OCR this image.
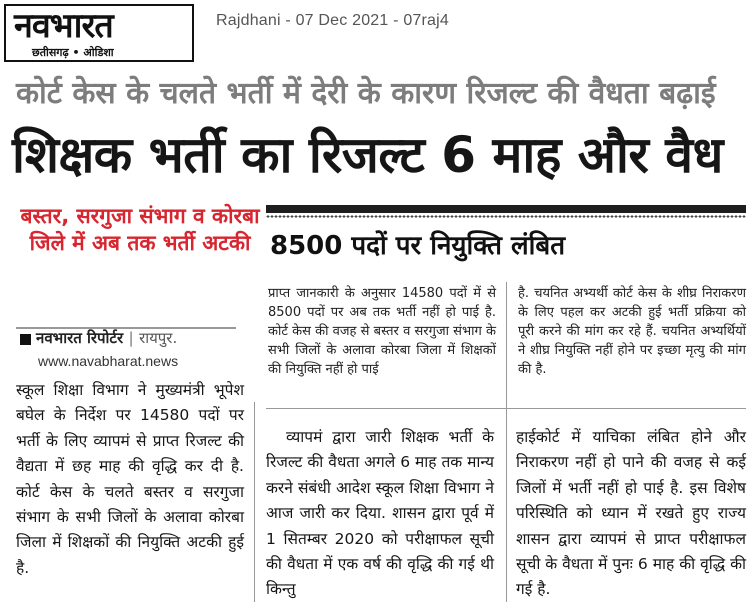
नवभारत
छतीसगढ़ • ओडिशा
Rajdhani - 07 Dec 2021 - 07raj4
कोर्ट केस के चलते भर्ती में देरी के कारण रिजल्ट की वैधता बढ़ाई
शिक्षक भर्ती का रिजल्ट 6 माह और वैध
बस्तर, सरगुजा संभाग व कोरबा जिले में अब तक भर्ती अटकी 8500 पदों पर नियुक्ति लंबित
नवभारत रिपोर्टर | रायपुर.
www.navabharat.news
स्कूल शिक्षा विभाग ने मुख्यमंत्री भूपेश बघेल के निर्देश पर 14580 पदों पर भर्ती के लिए व्यापमं से प्राप्त रिजल्ट की वैद्यता में छह माह की वृद्धि कर दी है. कोर्ट केस के चलते बस्तर व सरगुजा संभाग के सभी जिलों के अलावा कोरबा जिला में शिक्षकों की नियुक्ति अटकी हुई है.
प्राप्त जानकारी के अनुसार 14580 पदों में से 8500 पदों पर अब तक भर्ती नहीं हो पाई है. कोर्ट केस की वजह से बस्तर व सरगुजा संभाग के सभी जिलों के अलावा कोरबा जिला में शिक्षकों की नियुक्ति नहीं हो पाई
है. चयनित अभ्यर्थी कोर्ट केस के शीघ्र निराकरण के लिए पहल कर अटकी हुई भर्ती प्रक्रिया को पूरी करने की मांग कर रहे हैं. चयनित अभ्यर्थियों ने शीघ्र नियुक्ति नहीं होने पर इच्छा मृत्यु की मांग की है.
व्यापमं द्वारा जारी शिक्षक भर्ती के रिजल्ट की वैधता अगले 6 माह तक मान्य करने संबंधी आदेश स्कूल शिक्षा विभाग ने आज जारी कर दिया. शासन द्वारा पूर्व में 1 सितम्बर 2020 को परीक्षाफल सूची की वैधता में एक वर्ष की वृद्धि की गई थी किन्तु
हाईकोर्ट में याचिका लंबित होने और निराकरण नहीं हो पाने की वजह से कई जिलों में भर्ती नहीं हो पाई है. इस विशेष परिस्थिति को ध्यान में रखते हुए राज्य शासन द्वारा व्यापमं से प्राप्त परीक्षाफल सूची के वैधता में पुनः 6 माह की वृद्धि की गई है.
